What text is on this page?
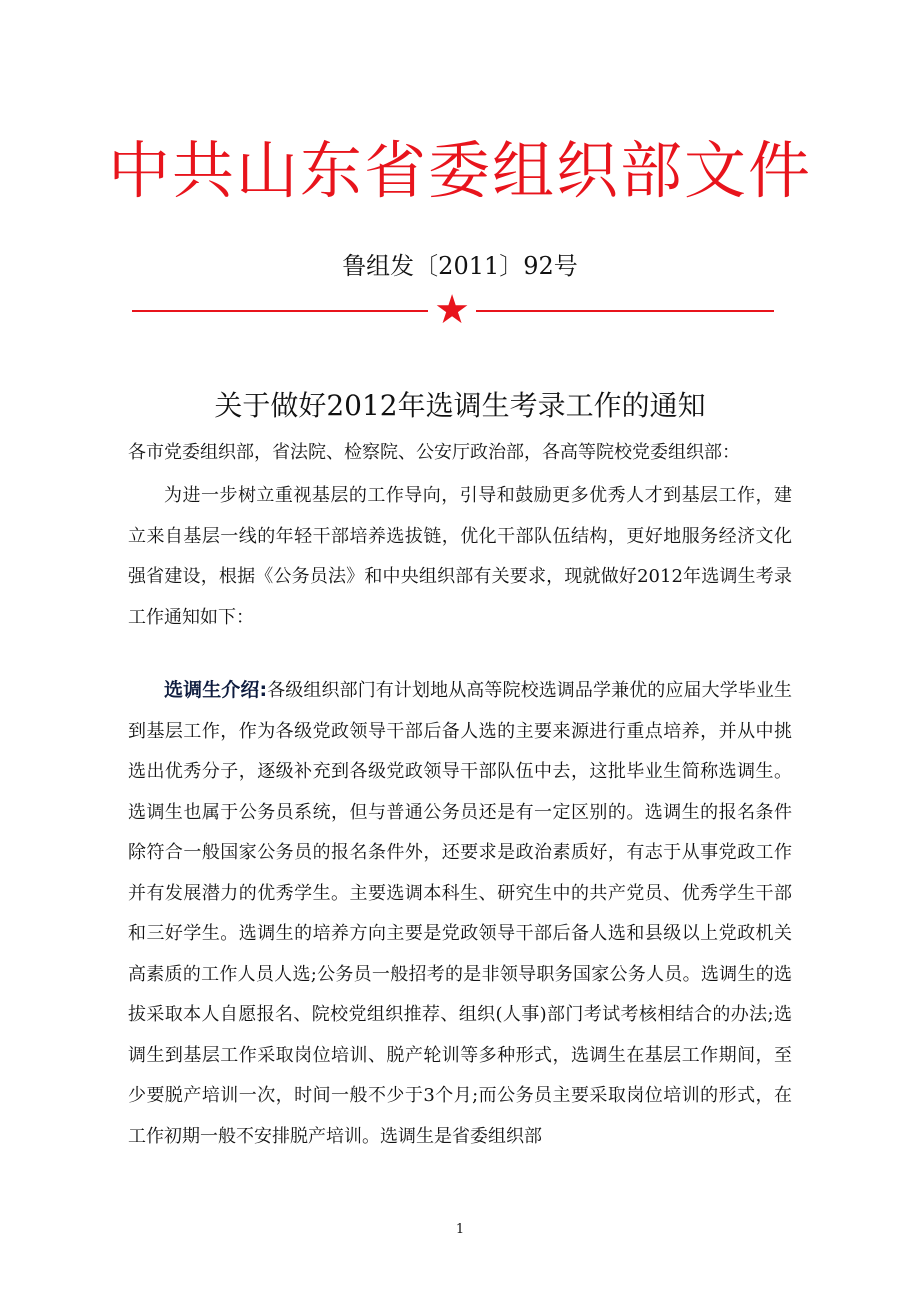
中共山东省委组织部文件
鲁组发〔2011〕92号
★
关于做好2012年选调生考录工作的通知
各市党委组织部，省法院、检察院、公安厅政治部，各高等院校党委组织部：
为进一步树立重视基层的工作导向，引导和鼓励更多优秀人才到基层工作，建立来自基层一线的年轻干部培养选拔链，优化干部队伍结构，更好地服务经济文化强省建设，根据《公务员法》和中央组织部有关要求，现就做好2012年选调生考录工作通知如下：
选调生介绍:各级组织部门有计划地从高等院校选调品学兼优的应届大学毕业生到基层工作，作为各级党政领导干部后备人选的主要来源进行重点培养，并从中挑选出优秀分子，逐级补充到各级党政领导干部队伍中去，这批毕业生简称选调生。选调生也属于公务员系统，但与普通公务员还是有一定区别的。选调生的报名条件除符合一般国家公务员的报名条件外，还要求是政治素质好，有志于从事党政工作并有发展潜力的优秀学生。主要选调本科生、研究生中的共产党员、优秀学生干部和三好学生。选调生的培养方向主要是党政领导干部后备人选和县级以上党政机关高素质的工作人员人选;公务员一般招考的是非领导职务国家公务人员。选调生的选拔采取本人自愿报名、院校党组织推荐、组织(人事)部门考试考核相结合的办法;选调生到基层工作采取岗位培训、脱产轮训等多种形式，选调生在基层工作期间，至少要脱产培训一次，时间一般不少于3个月;而公务员主要采取岗位培训的形式，在工作初期一般不安排脱产培训。选调生是省委组织部
1
